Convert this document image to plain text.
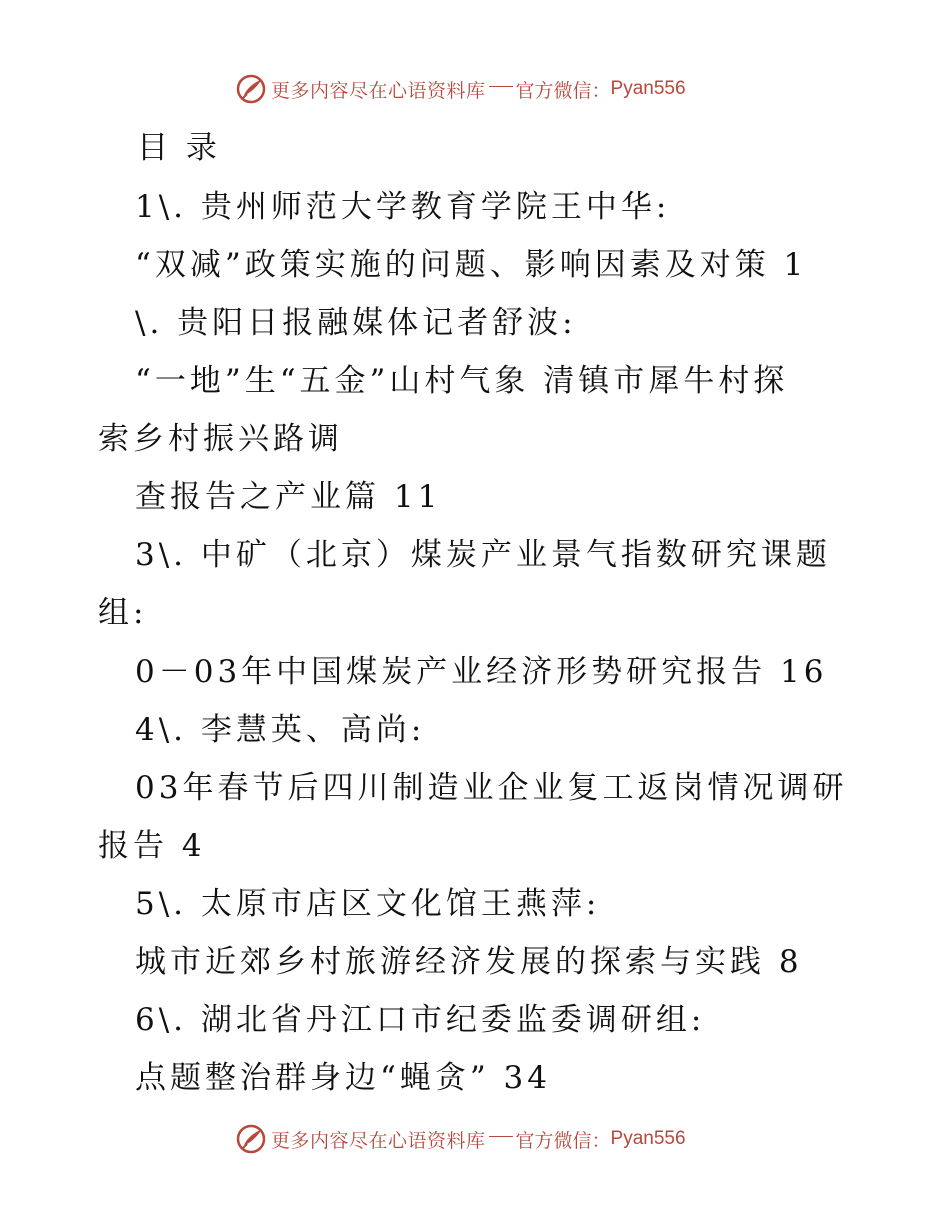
更多内容尽在心语资料库 官方微信： Pyan556
目 录
1\. 贵州师范大学教育学院王中华:
“双减”政策实施的问题、影响因素及对策 1
\. 贵阳日报融媒体记者舒波:
“一地”生“五金”山村气象 清镇市犀牛村探
索乡村振兴路调
查报告之产业篇 11
3\. 中矿（北京）煤炭产业景气指数研究课题
组:
0－03年中国煤炭产业经济形势研究报告 16
4\. 李慧英、高尚:
03年春节后四川制造业企业复工返岗情况调研
报告 4
5\. 太原市店区文化馆王燕萍:
城市近郊乡村旅游经济发展的探索与实践 8
6\. 湖北省丹江口市纪委监委调研组:
点题整治群身边“蝇贪” 34
更多内容尽在心语资料库 官方微信： Pyan556
